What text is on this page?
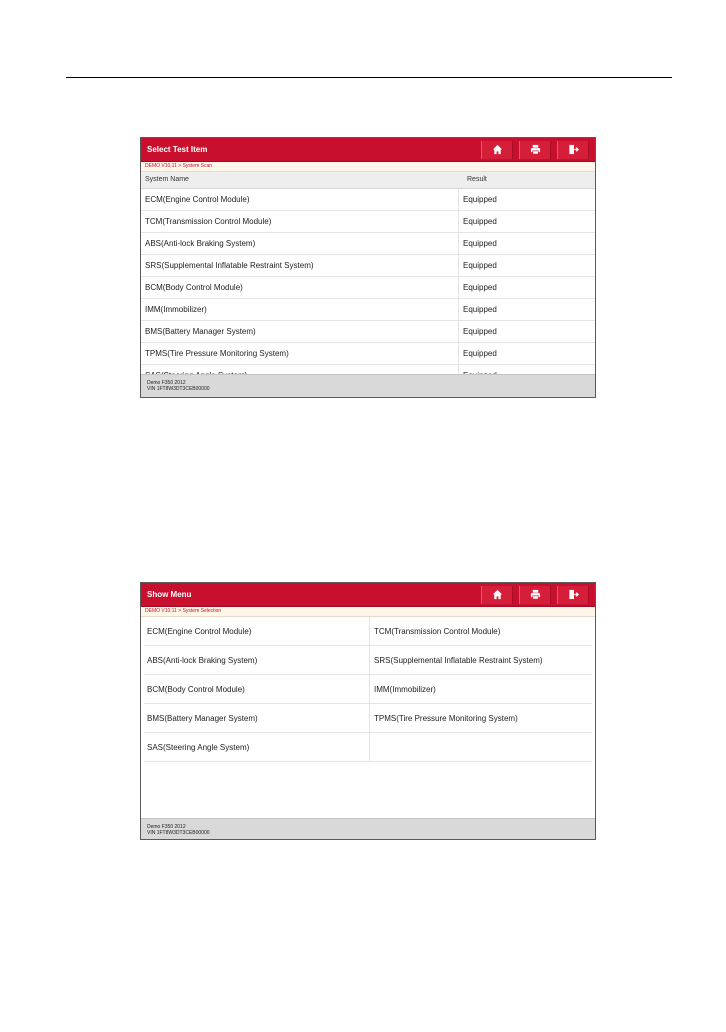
Select Test Item
DEMO V10.11 > System Scan
System Name	Result
ECM(Engine Control Module)	Equipped
TCM(Transmission Control Module)	Equipped
ABS(Anti-lock Braking System)	Equipped
SRS(Supplemental Inflatable Restraint System)	Equipped
BCM(Body Control Module)	Equipped
IMM(Immobilizer)	Equipped
BMS(Battery Manager System)	Equipped
TPMS(Tire Pressure Monitoring System)	Equipped
Demo F350 2012
VIN 1FT8W3DT3CEB00000
Show Menu
DEMO V10.11 > System Selection
ECM(Engine Control Module)	TCM(Transmission Control Module)
ABS(Anti-lock Braking System)	SRS(Supplemental Inflatable Restraint System)
BCM(Body Control Module)	IMM(Immobilizer)
BMS(Battery Manager System)	TPMS(Tire Pressure Monitoring System)
SAS(Steering Angle System)
Demo F350 2012
VIN 1FT8W3DT3CEB00000
